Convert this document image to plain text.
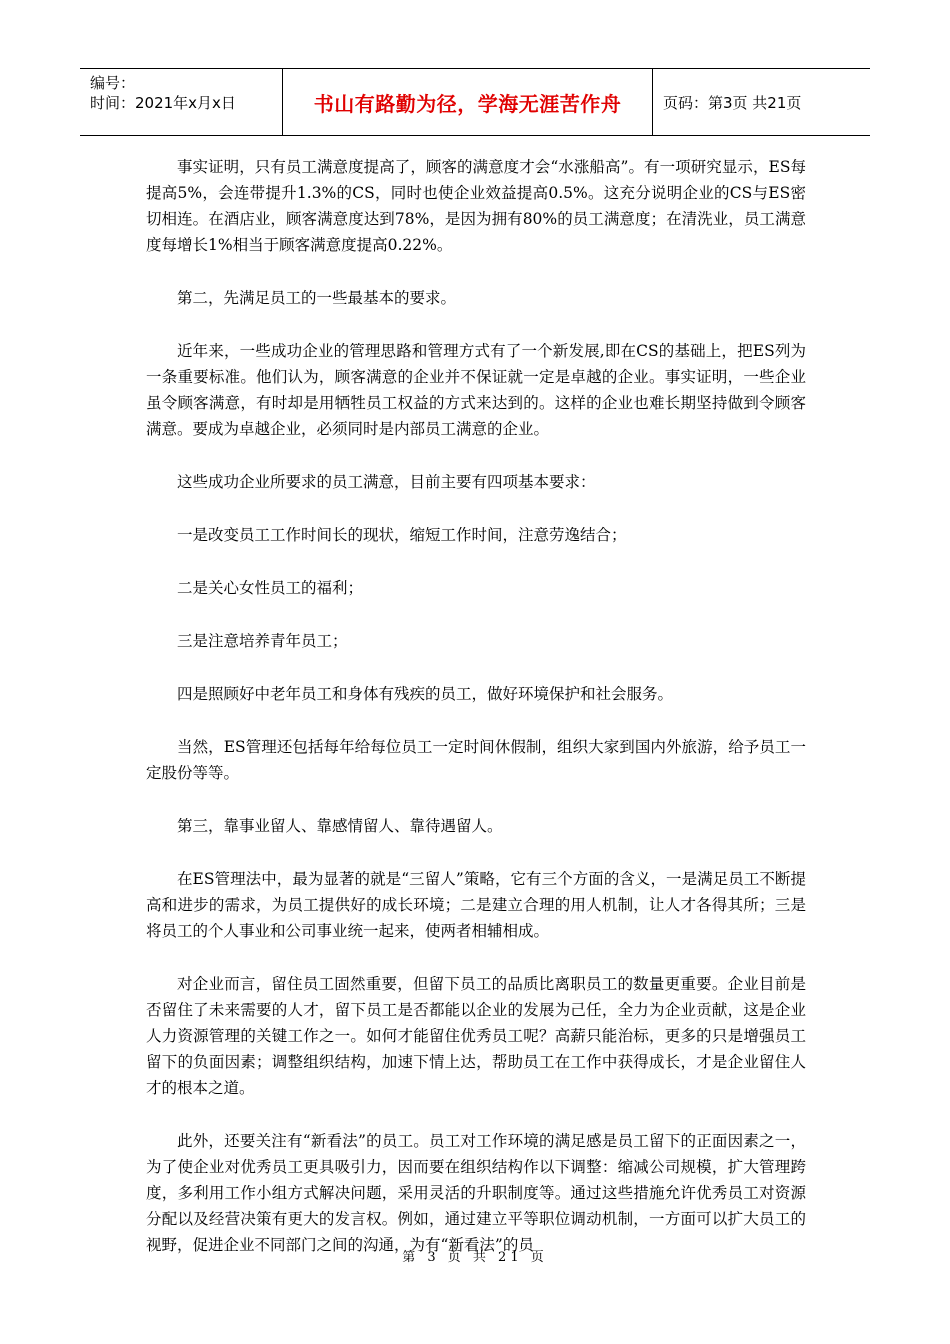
编号：
时间：2021年x月x日	书山有路勤为径，学海无涯苦作舟	页码：第3页 共21页

事实证明，只有员工满意度提高了，顾客的满意度才会“水涨船高”。有一项研究显示，ES每提高5%，会连带提升1.3%的CS，同时也使企业效益提高0.5%。这充分说明企业的CS与ES密切相连。在酒店业，顾客满意度达到78%，是因为拥有80%的员工满意度；在清洗业，员工满意度每增长1%相当于顾客满意度提高0.22%。

第二，先满足员工的一些最基本的要求。

近年来，一些成功企业的管理思路和管理方式有了一个新发展,即在CS的基础上，把ES列为一条重要标准。他们认为，顾客满意的企业并不保证就一定是卓越的企业。事实证明，一些企业虽令顾客满意，有时却是用牺牲员工权益的方式来达到的。这样的企业也难长期坚持做到令顾客满意。要成为卓越企业，必须同时是内部员工满意的企业。

这些成功企业所要求的员工满意，目前主要有四项基本要求：

一是改变员工工作时间长的现状，缩短工作时间，注意劳逸结合；

二是关心女性员工的福利；

三是注意培养青年员工；

四是照顾好中老年员工和身体有残疾的员工，做好环境保护和社会服务。

当然，ES管理还包括每年给每位员工一定时间休假制，组织大家到国内外旅游，给予员工一定股份等等。

第三，靠事业留人、靠感情留人、靠待遇留人。

在ES管理法中，最为显著的就是“三留人”策略，它有三个方面的含义，一是满足员工不断提高和进步的需求，为员工提供好的成长环境；二是建立合理的用人机制，让人才各得其所；三是将员工的个人事业和公司事业统一起来，使两者相辅相成。

对企业而言，留住员工固然重要，但留下员工的品质比离职员工的数量更重要。企业目前是否留住了未来需要的人才，留下员工是否都能以企业的发展为己任，全力为企业贡献，这是企业人力资源管理的关键工作之一。如何才能留住优秀员工呢？高薪只能治标，更多的只是增强员工留下的负面因素；调整组织结构，加速下情上达，帮助员工在工作中获得成长，才是企业留住人才的根本之道。

此外，还要关注有“新看法”的员工。员工对工作环境的满足感是员工留下的正面因素之一，为了使企业对优秀员工更具吸引力，因而要在组织结构作以下调整：缩减公司规模，扩大管理跨度，多利用工作小组方式解决问题，采用灵活的升职制度等。通过这些措施允许优秀员工对资源分配以及经营决策有更大的发言权。例如，通过建立平等职位调动机制，一方面可以扩大员工的视野，促进企业不同部门之间的沟通，为有“新看法”的员

第 3 页 共 21 页
